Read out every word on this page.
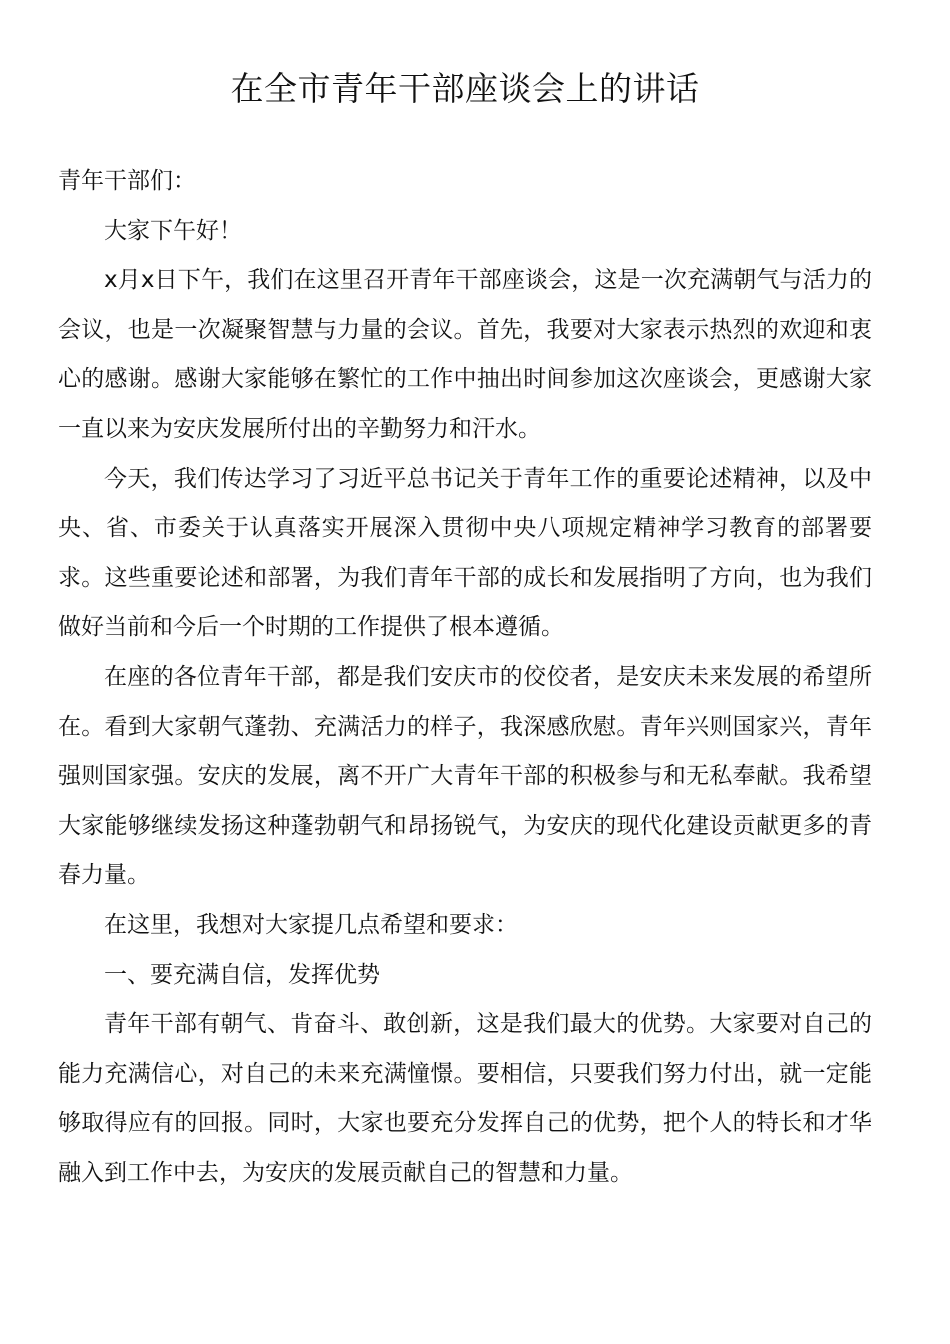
在全市青年干部座谈会上的讲话

青年干部们：

大家下午好！

x月x日下午，我们在这里召开青年干部座谈会，这是一次充满朝气与活力的会议，也是一次凝聚智慧与力量的会议。首先，我要对大家表示热烈的欢迎和衷心的感谢。感谢大家能够在繁忙的工作中抽出时间参加这次座谈会，更感谢大家一直以来为安庆发展所付出的辛勤努力和汗水。

今天，我们传达学习了习近平总书记关于青年工作的重要论述精神，以及中央、省、市委关于认真落实开展深入贯彻中央八项规定精神学习教育的部署要求。这些重要论述和部署，为我们青年干部的成长和发展指明了方向，也为我们做好当前和今后一个时期的工作提供了根本遵循。

在座的各位青年干部，都是我们安庆市的佼佼者，是安庆未来发展的希望所在。看到大家朝气蓬勃、充满活力的样子，我深感欣慰。青年兴则国家兴，青年强则国家强。安庆的发展，离不开广大青年干部的积极参与和无私奉献。我希望大家能够继续发扬这种蓬勃朝气和昂扬锐气，为安庆的现代化建设贡献更多的青春力量。

在这里，我想对大家提几点希望和要求：

一、要充满自信，发挥优势

青年干部有朝气、肯奋斗、敢创新，这是我们最大的优势。大家要对自己的能力充满信心，对自己的未来充满憧憬。要相信，只要我们努力付出，就一定能够取得应有的回报。同时，大家也要充分发挥自己的优势，把个人的特长和才华融入到工作中去，为安庆的发展贡献自己的智慧和力量。
